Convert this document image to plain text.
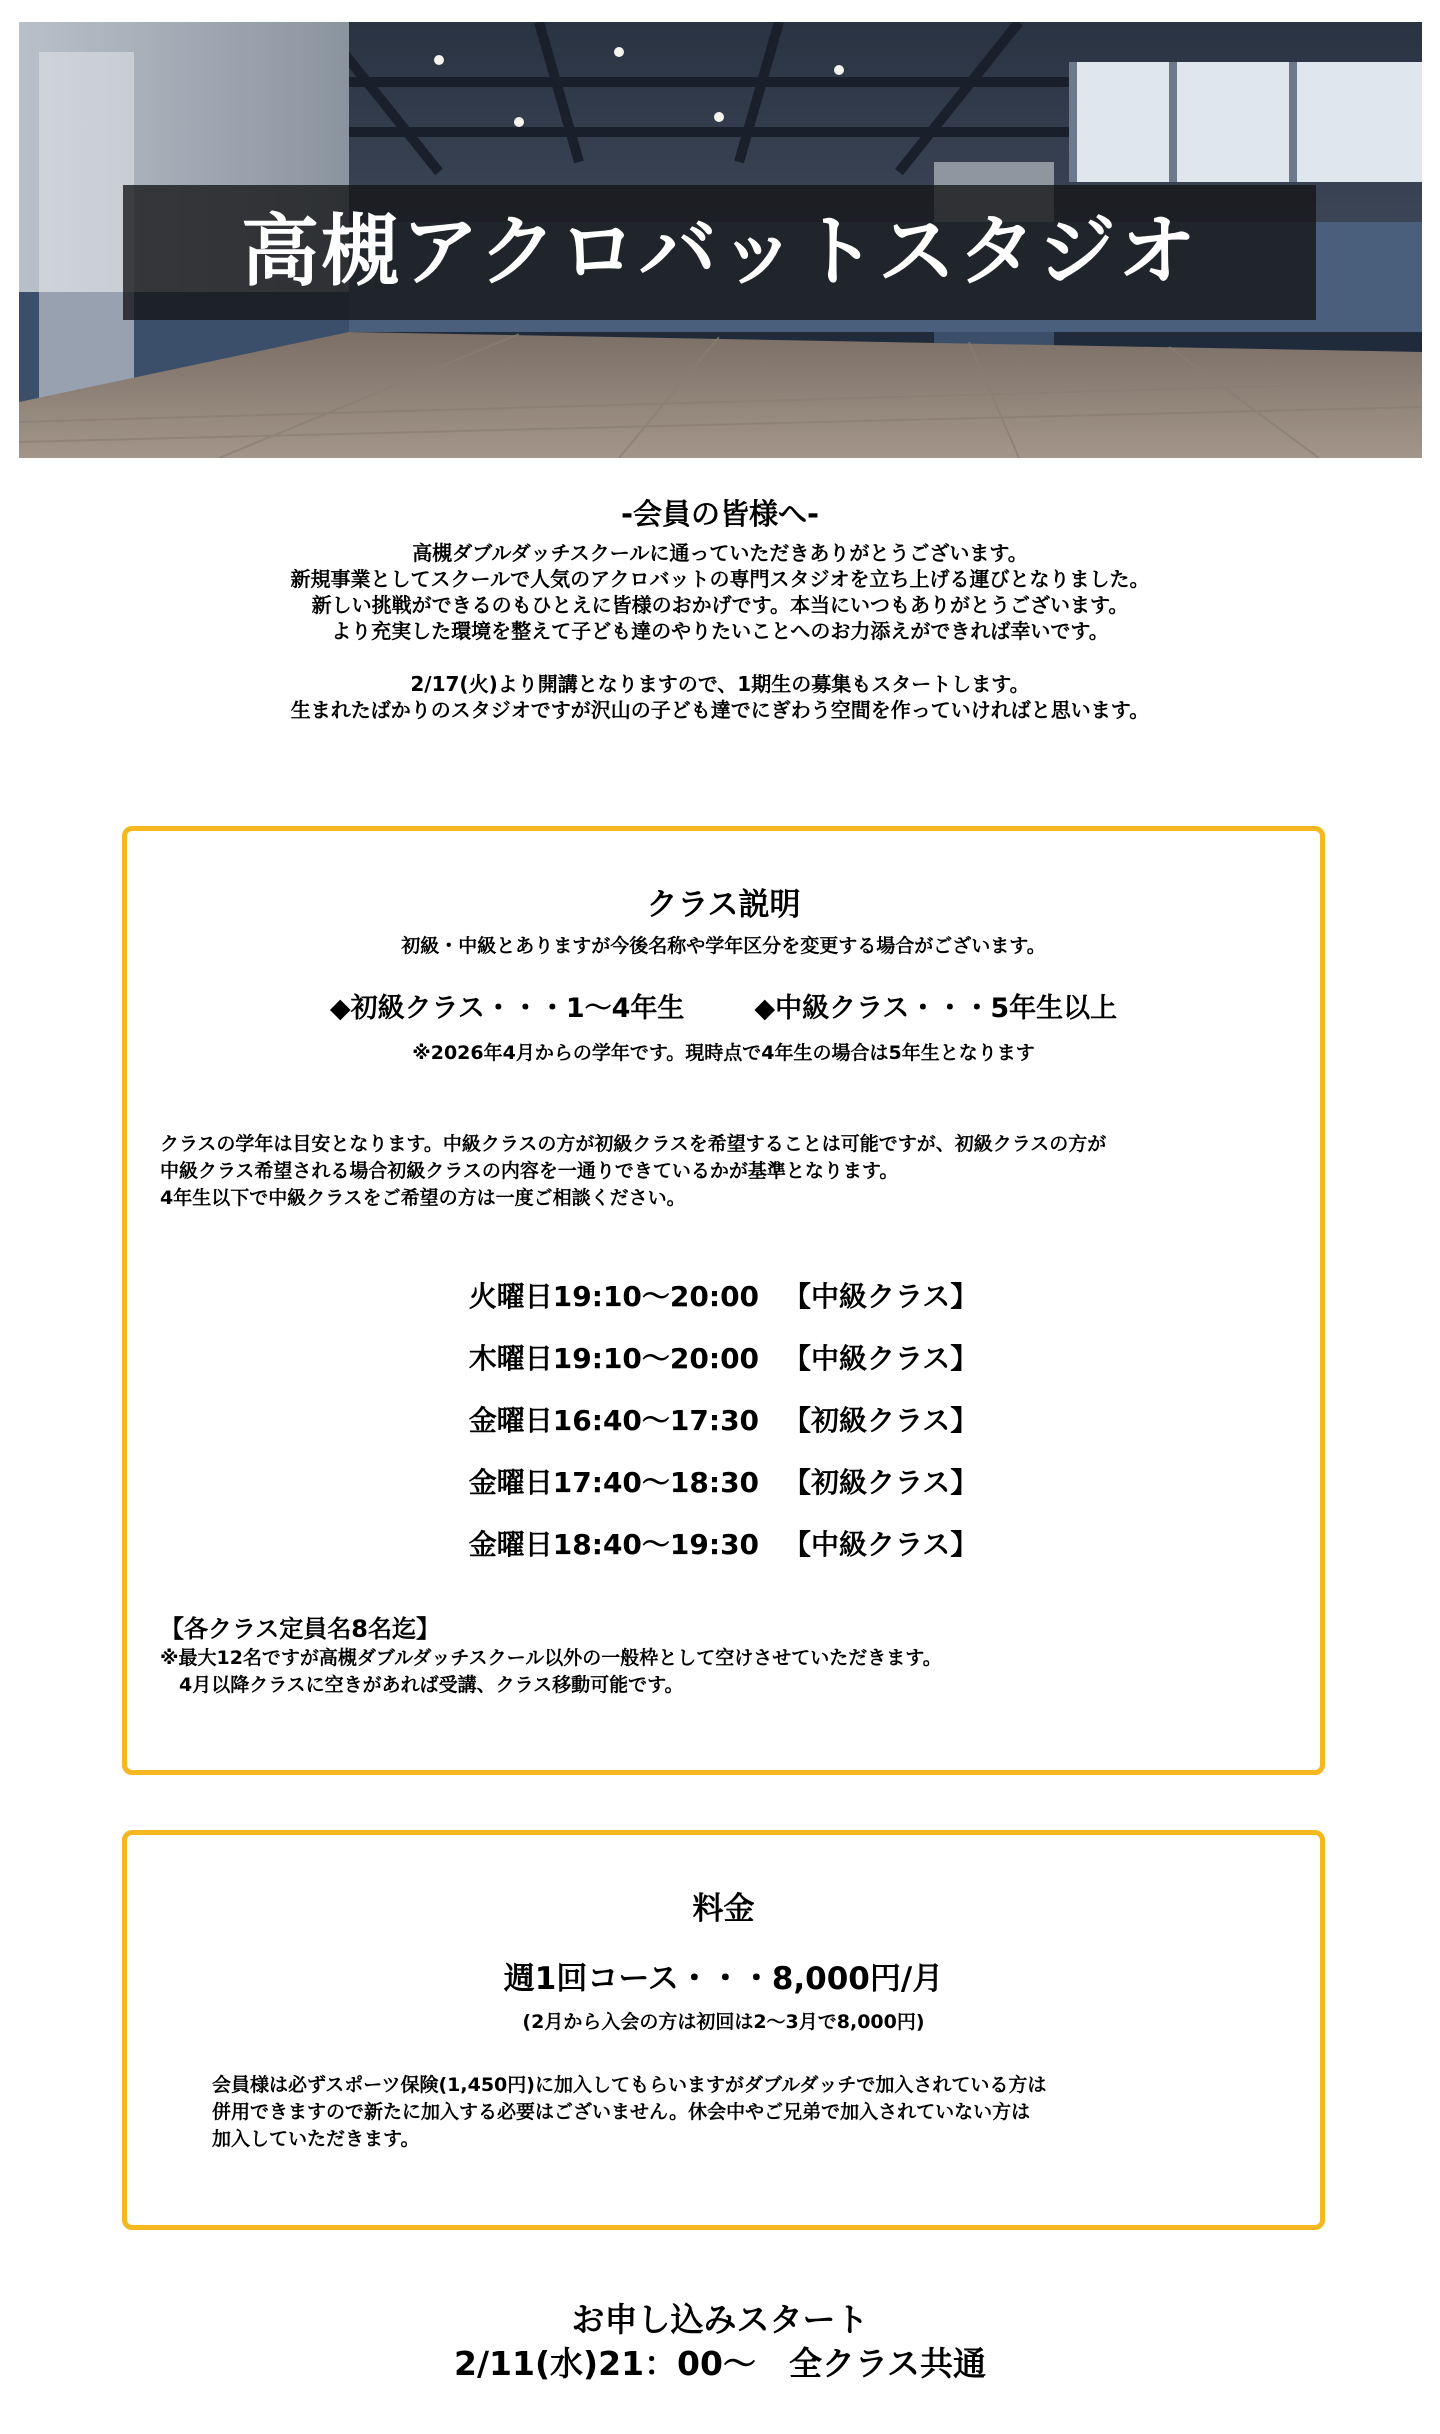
高槻アクロバットスタジオ
-会員の皆様へ-
高槻ダブルダッチスクールに通っていただきありがとうございます。
新規事業としてスクールで人気のアクロバットの専門スタジオを立ち上げる運びとなりました。
新しい挑戦ができるのもひとえに皆様のおかげです。本当にいつもありがとうございます。
より充実した環境を整えて子ども達のやりたいことへのお力添えができれば幸いです。
2/17(火)より開講となりますので、1期生の募集もスタートします。
生まれたばかりのスタジオですが沢山の子ども達でにぎわう空間を作っていければと思います。
クラス説明
初級・中級とありますが今後名称や学年区分を変更する場合がございます。
◆初級クラス・・・1～4年生	◆中級クラス・・・5年生以上
※2026年4月からの学年です。現時点で4年生の場合は5年生となります
クラスの学年は目安となります。中級クラスの方が初級クラスを希望することは可能ですが、初級クラスの方が
中級クラス希望される場合初級クラスの内容を一通りできているかが基準となります。
4年生以下で中級クラスをご希望の方は一度ご相談ください。
火曜日19:10～20:00 【中級クラス】
木曜日19:10～20:00 【中級クラス】
金曜日16:40～17:30 【初級クラス】
金曜日17:40～18:30 【初級クラス】
金曜日18:40～19:30 【中級クラス】
【各クラス定員名8名迄】
※最大12名ですが高槻ダブルダッチスクール以外の一般枠として空けさせていただきます。
　4月以降クラスに空きがあれば受講、クラス移動可能です。
料金
週1回コース・・・8,000円/月
(2月から入会の方は初回は2～3月で8,000円)
会員様は必ずスポーツ保険(1,450円)に加入してもらいますがダブルダッチで加入されている方は
併用できますので新たに加入する必要はございません。休会中やご兄弟で加入されていない方は
加入していただきます。
お申し込みスタート
2/11(水)21：00～　全クラス共通
